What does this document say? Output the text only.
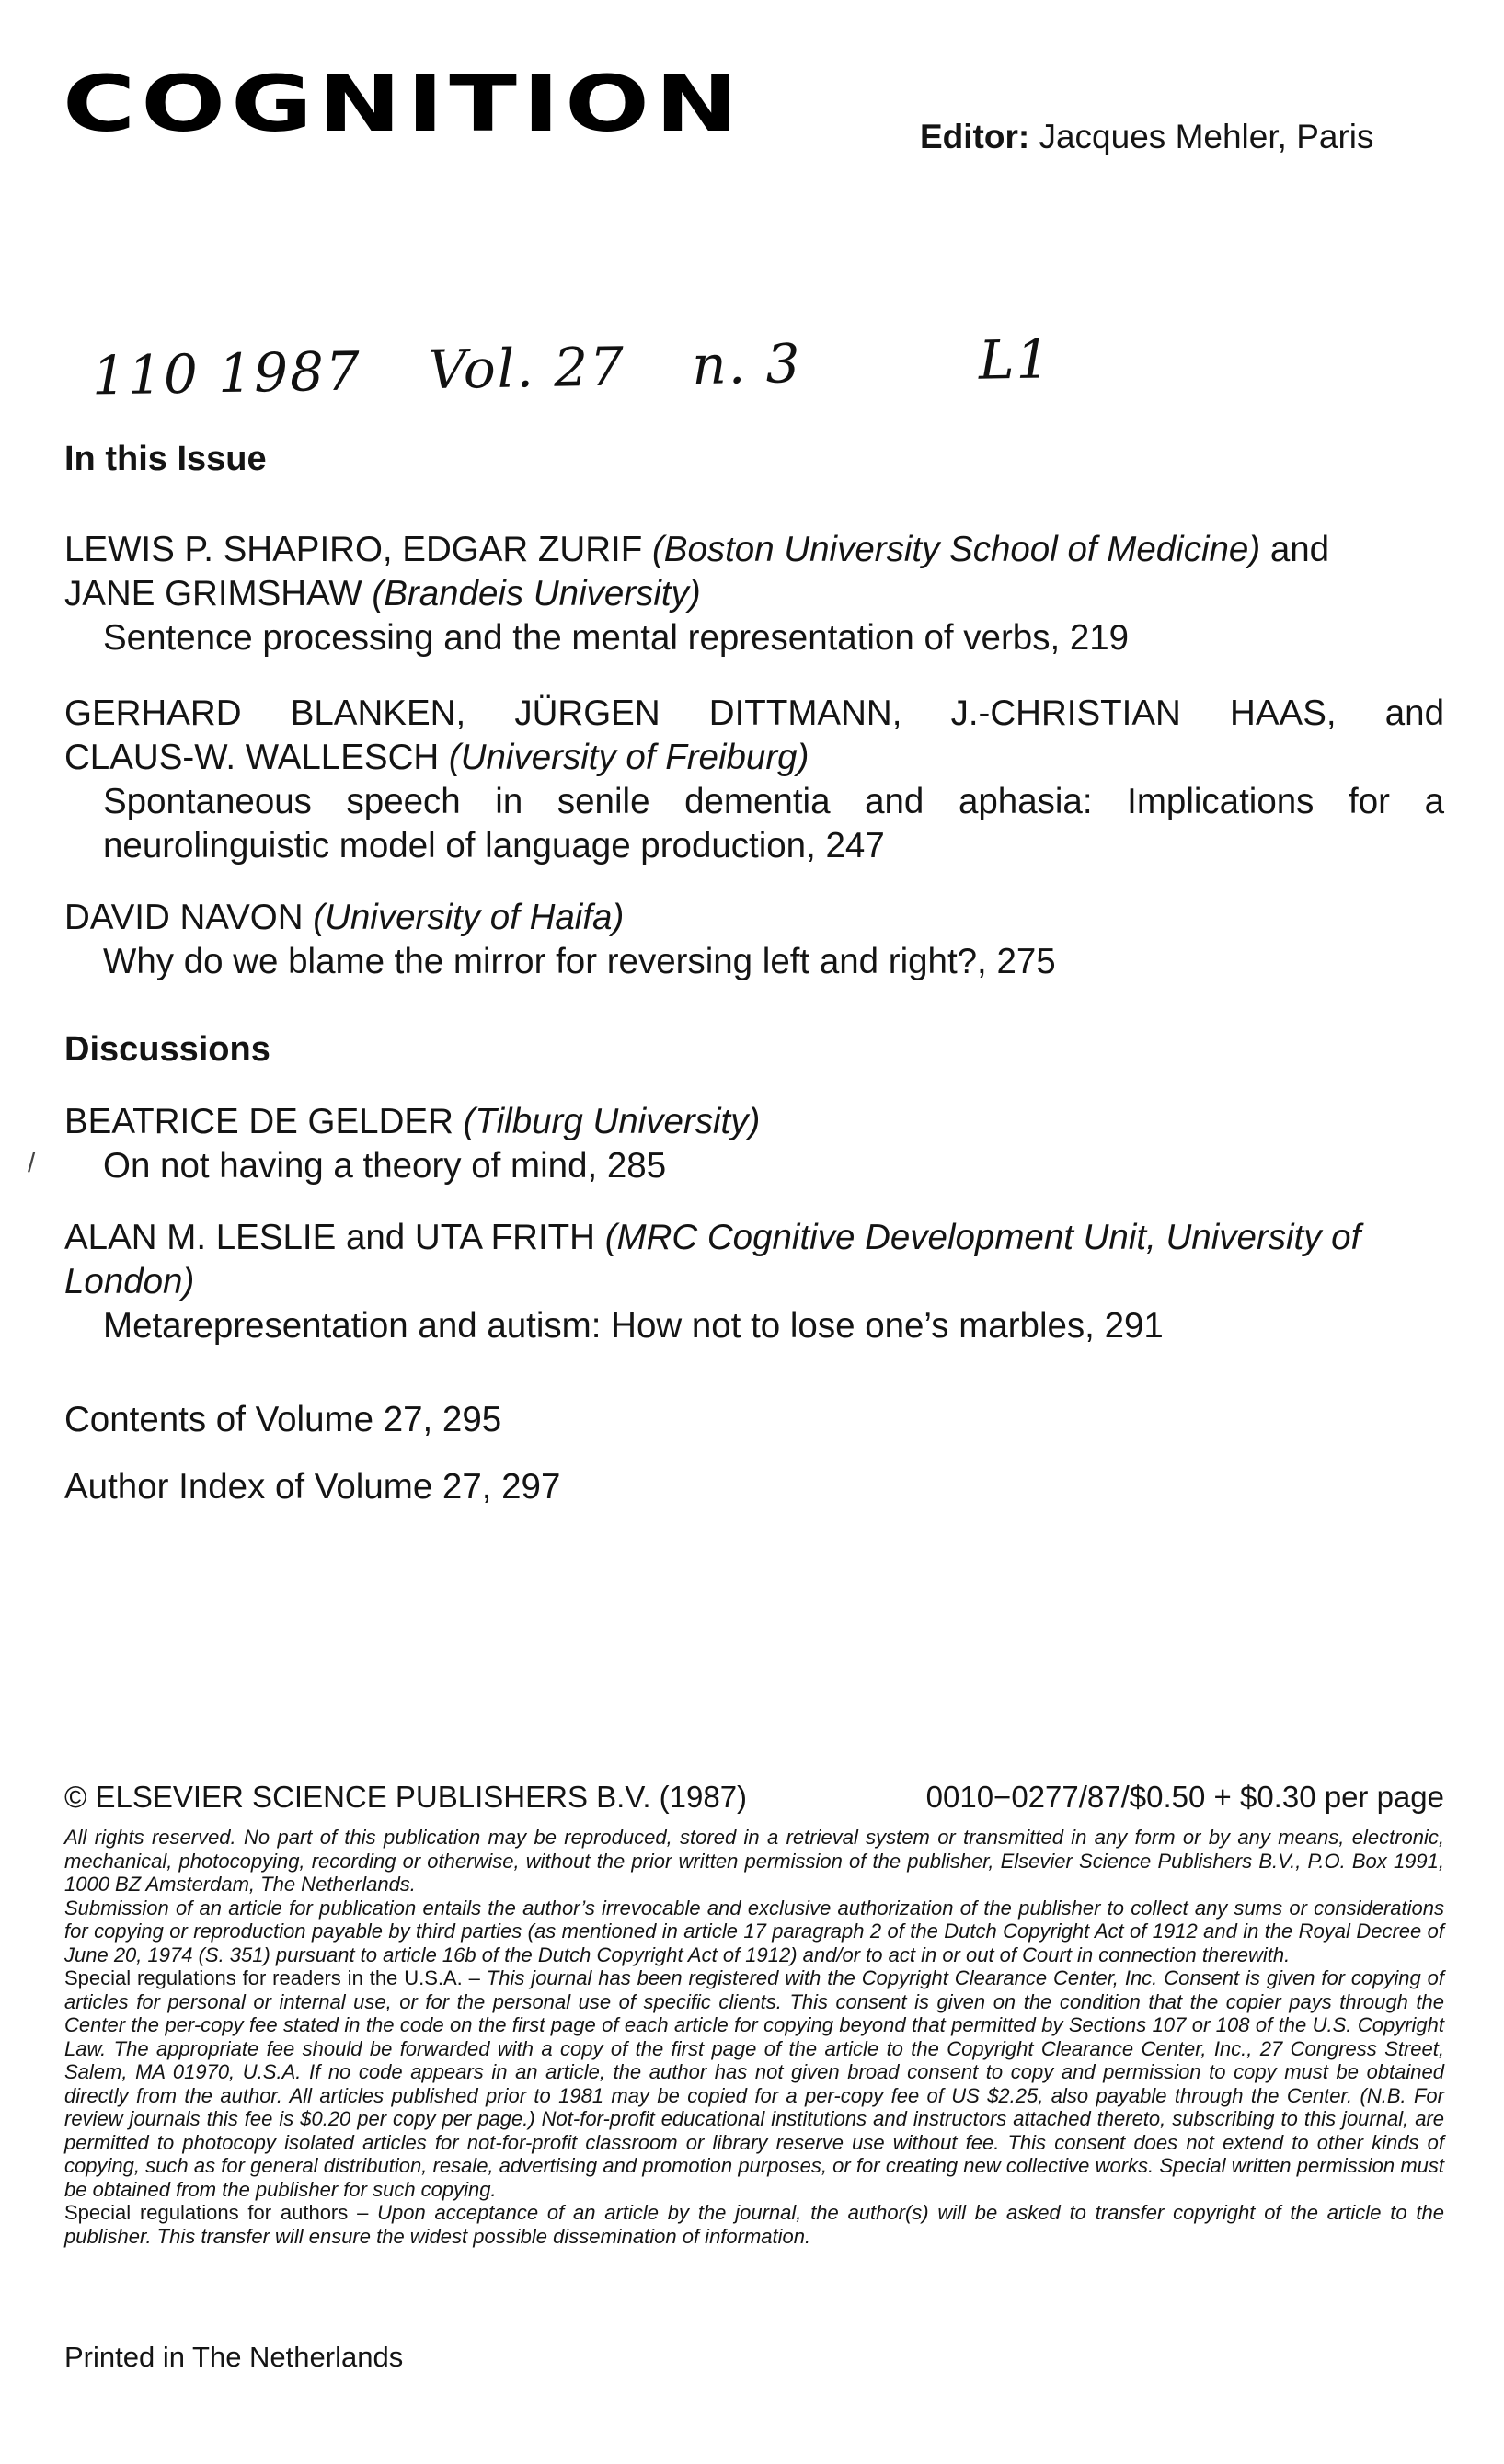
COGNITION	Editor: Jacques Mehler, Paris
110 1987 Vol. 27 n. 3	L1
In this Issue
LEWIS P. SHAPIRO, EDGAR ZURIF (Boston University School of Medicine) and
JANE GRIMSHAW (Brandeis University)
Sentence processing and the mental representation of verbs, 219
GERHARD BLANKEN, JÜRGEN DITTMANN, J.-CHRISTIAN HAAS, and
CLAUS-W. WALLESCH (University of Freiburg)
Spontaneous speech in senile dementia and aphasia: Implications for a neurolinguistic model of language production, 247
DAVID NAVON (University of Haifa)
Why do we blame the mirror for reversing left and right?, 275
Discussions
BEATRICE DE GELDER (Tilburg University)
On not having a theory of mind, 285
/
ALAN M. LESLIE and UTA FRITH (MRC Cognitive Development Unit, University of London)
Metarepresentation and autism: How not to lose one’s marbles, 291
Contents of Volume 27, 295
Author Index of Volume 27, 297
© ELSEVIER SCIENCE PUBLISHERS B.V. (1987)	0010−0277/87/$0.50 + $0.30 per page

All rights reserved. No part of this publication may be reproduced, stored in a retrieval system or transmitted in any form or by any means, electronic, mechanical, photocopying, recording or otherwise, without the prior written permission of the publisher, Elsevier Science Publishers B.V., P.O. Box 1991, 1000 BZ Amsterdam, The Netherlands.

Submission of an article for publication entails the author’s irrevocable and exclusive authorization of the publisher to collect any sums or considerations for copying or reproduction payable by third parties (as mentioned in article 17 paragraph 2 of the Dutch Copyright Act of 1912 and in the Royal Decree of June 20, 1974 (S. 351) pursuant to article 16b of the Dutch Copyright Act of 1912) and/or to act in or out of Court in connection therewith.

Special regulations for readers in the U.S.A. – This journal has been registered with the Copyright Clearance Center, Inc. Consent is given for copying of articles for personal or internal use, or for the personal use of specific clients. This consent is given on the condition that the copier pays through the Center the per-copy fee stated in the code on the first page of each article for copying beyond that permitted by Sections 107 or 108 of the U.S. Copyright Law. The appropriate fee should be forwarded with a copy of the first page of the article to the Copyright Clearance Center, Inc., 27 Congress Street, Salem, MA 01970, U.S.A. If no code appears in an article, the author has not given broad consent to copy and permission to copy must be obtained directly from the author. All articles published prior to 1981 may be copied for a per-copy fee of US $2.25, also payable through the Center. (N.B. For review journals this fee is $0.20 per copy per page.) Not-for-profit educational institutions and instructors attached thereto, subscribing to this journal, are permitted to photocopy isolated articles for not-for-profit classroom or library reserve use without fee. This consent does not extend to other kinds of copying, such as for general distribution, resale, advertising and promotion purposes, or for creating new collective works. Special written permission must be obtained from the publisher for such copying.

Special regulations for authors – Upon acceptance of an article by the journal, the author(s) will be asked to transfer copyright of the article to the publisher. This transfer will ensure the widest possible dissemination of information.

Printed in The Netherlands
